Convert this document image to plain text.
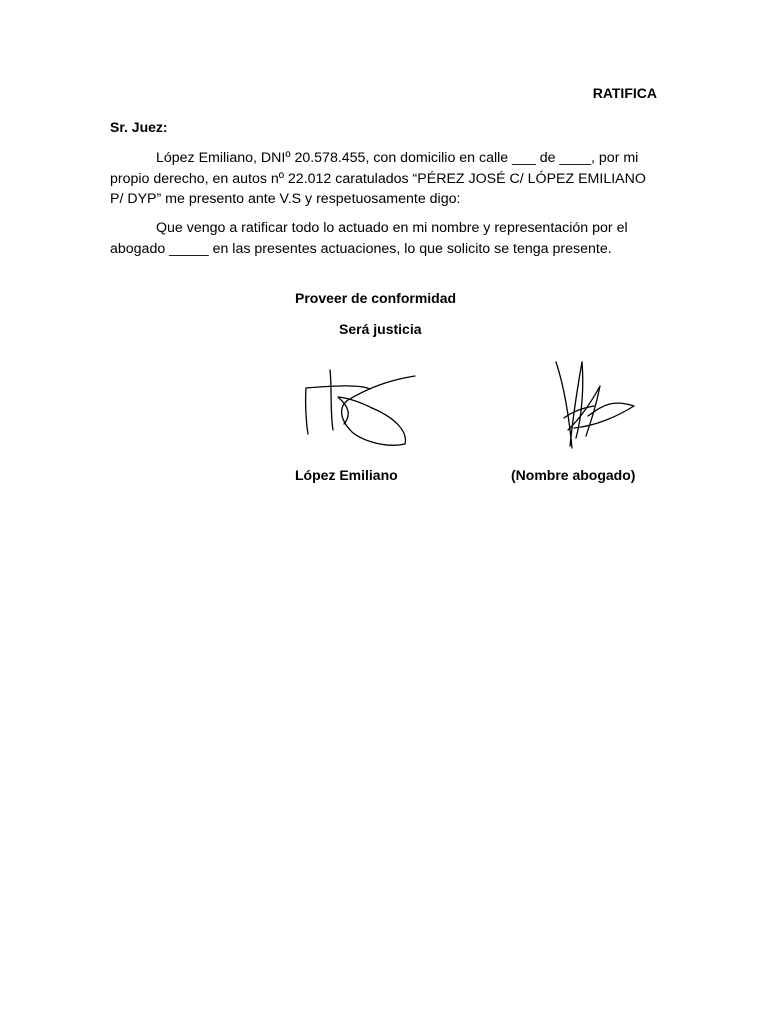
RATIFICA
Sr. Juez:

López Emiliano, DNIº 20.578.455, con domicilio en calle ___ de ____, por mi propio derecho, en autos nº 22.012 caratulados “PÉREZ JOSÉ C/ LÓPEZ EMILIANO P/ DYP” me presento ante V.S y respetuosamente digo:

Que vengo a ratificar todo lo actuado en mi nombre y representación por el abogado _____ en las presentes actuaciones, lo que solicito se tenga presente.

Proveer de conformidad
Será justicia
López Emiliano	(Nombre abogado)
